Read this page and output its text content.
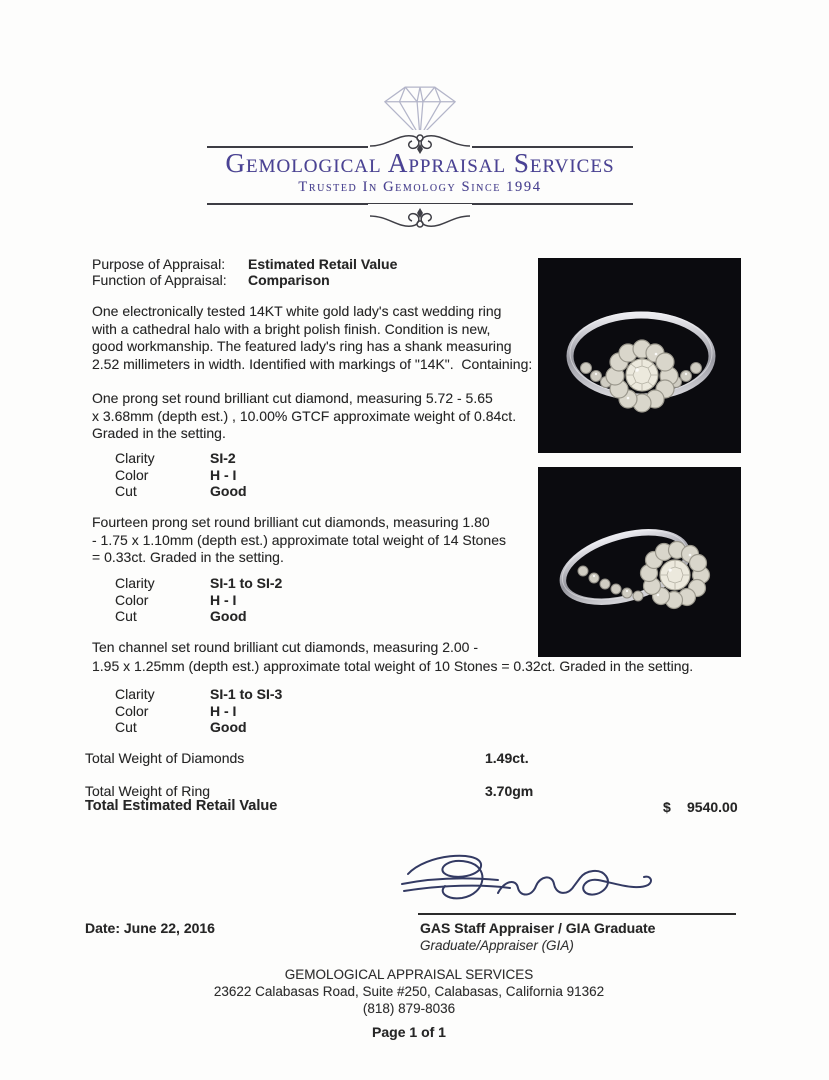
Gemological Appraisal Services
Trusted In Gemology Since 1994
Purpose of Appraisal: Estimated Retail Value
Function of Appraisal: Comparison
One electronically tested 14KT white gold lady's cast wedding ring
with a cathedral halo with a bright polish finish. Condition is new,
good workmanship. The featured lady's ring has a shank measuring
2.52 millimeters in width. Identified with markings of "14K".  Containing:
One prong set round brilliant cut diamond, measuring 5.72 - 5.65
x 3.68mm (depth est.) , 10.00% GTCF approximate weight of 0.84ct.
Graded in the setting.
Clarity	SI-2
Color	H - I
Cut	Good
Fourteen prong set round brilliant cut diamonds, measuring 1.80
- 1.75 x 1.10mm (depth est.) approximate total weight of 14 Stones
= 0.33ct. Graded in the setting.
Clarity	SI-1 to SI-2
Color	H - I
Cut	Good
Ten channel set round brilliant cut diamonds, measuring 2.00 -
1.95 x 1.25mm (depth est.) approximate total weight of 10 Stones = 0.32ct. Graded in the setting.
Clarity	SI-1 to SI-3
Color	H - I
Cut	Good
Total Weight of Diamonds	1.49ct.
Total Weight of Ring	3.70gm
Total Estimated Retail Value	$ 9540.00
Date: June 22, 2016	GAS Staff Appraiser / GIA Graduate
Graduate/Appraiser (GIA)
GEMOLOGICAL APPRAISAL SERVICES
23622 Calabasas Road, Suite #250, Calabasas, California 91362
(818) 879-8036
Page 1 of 1
